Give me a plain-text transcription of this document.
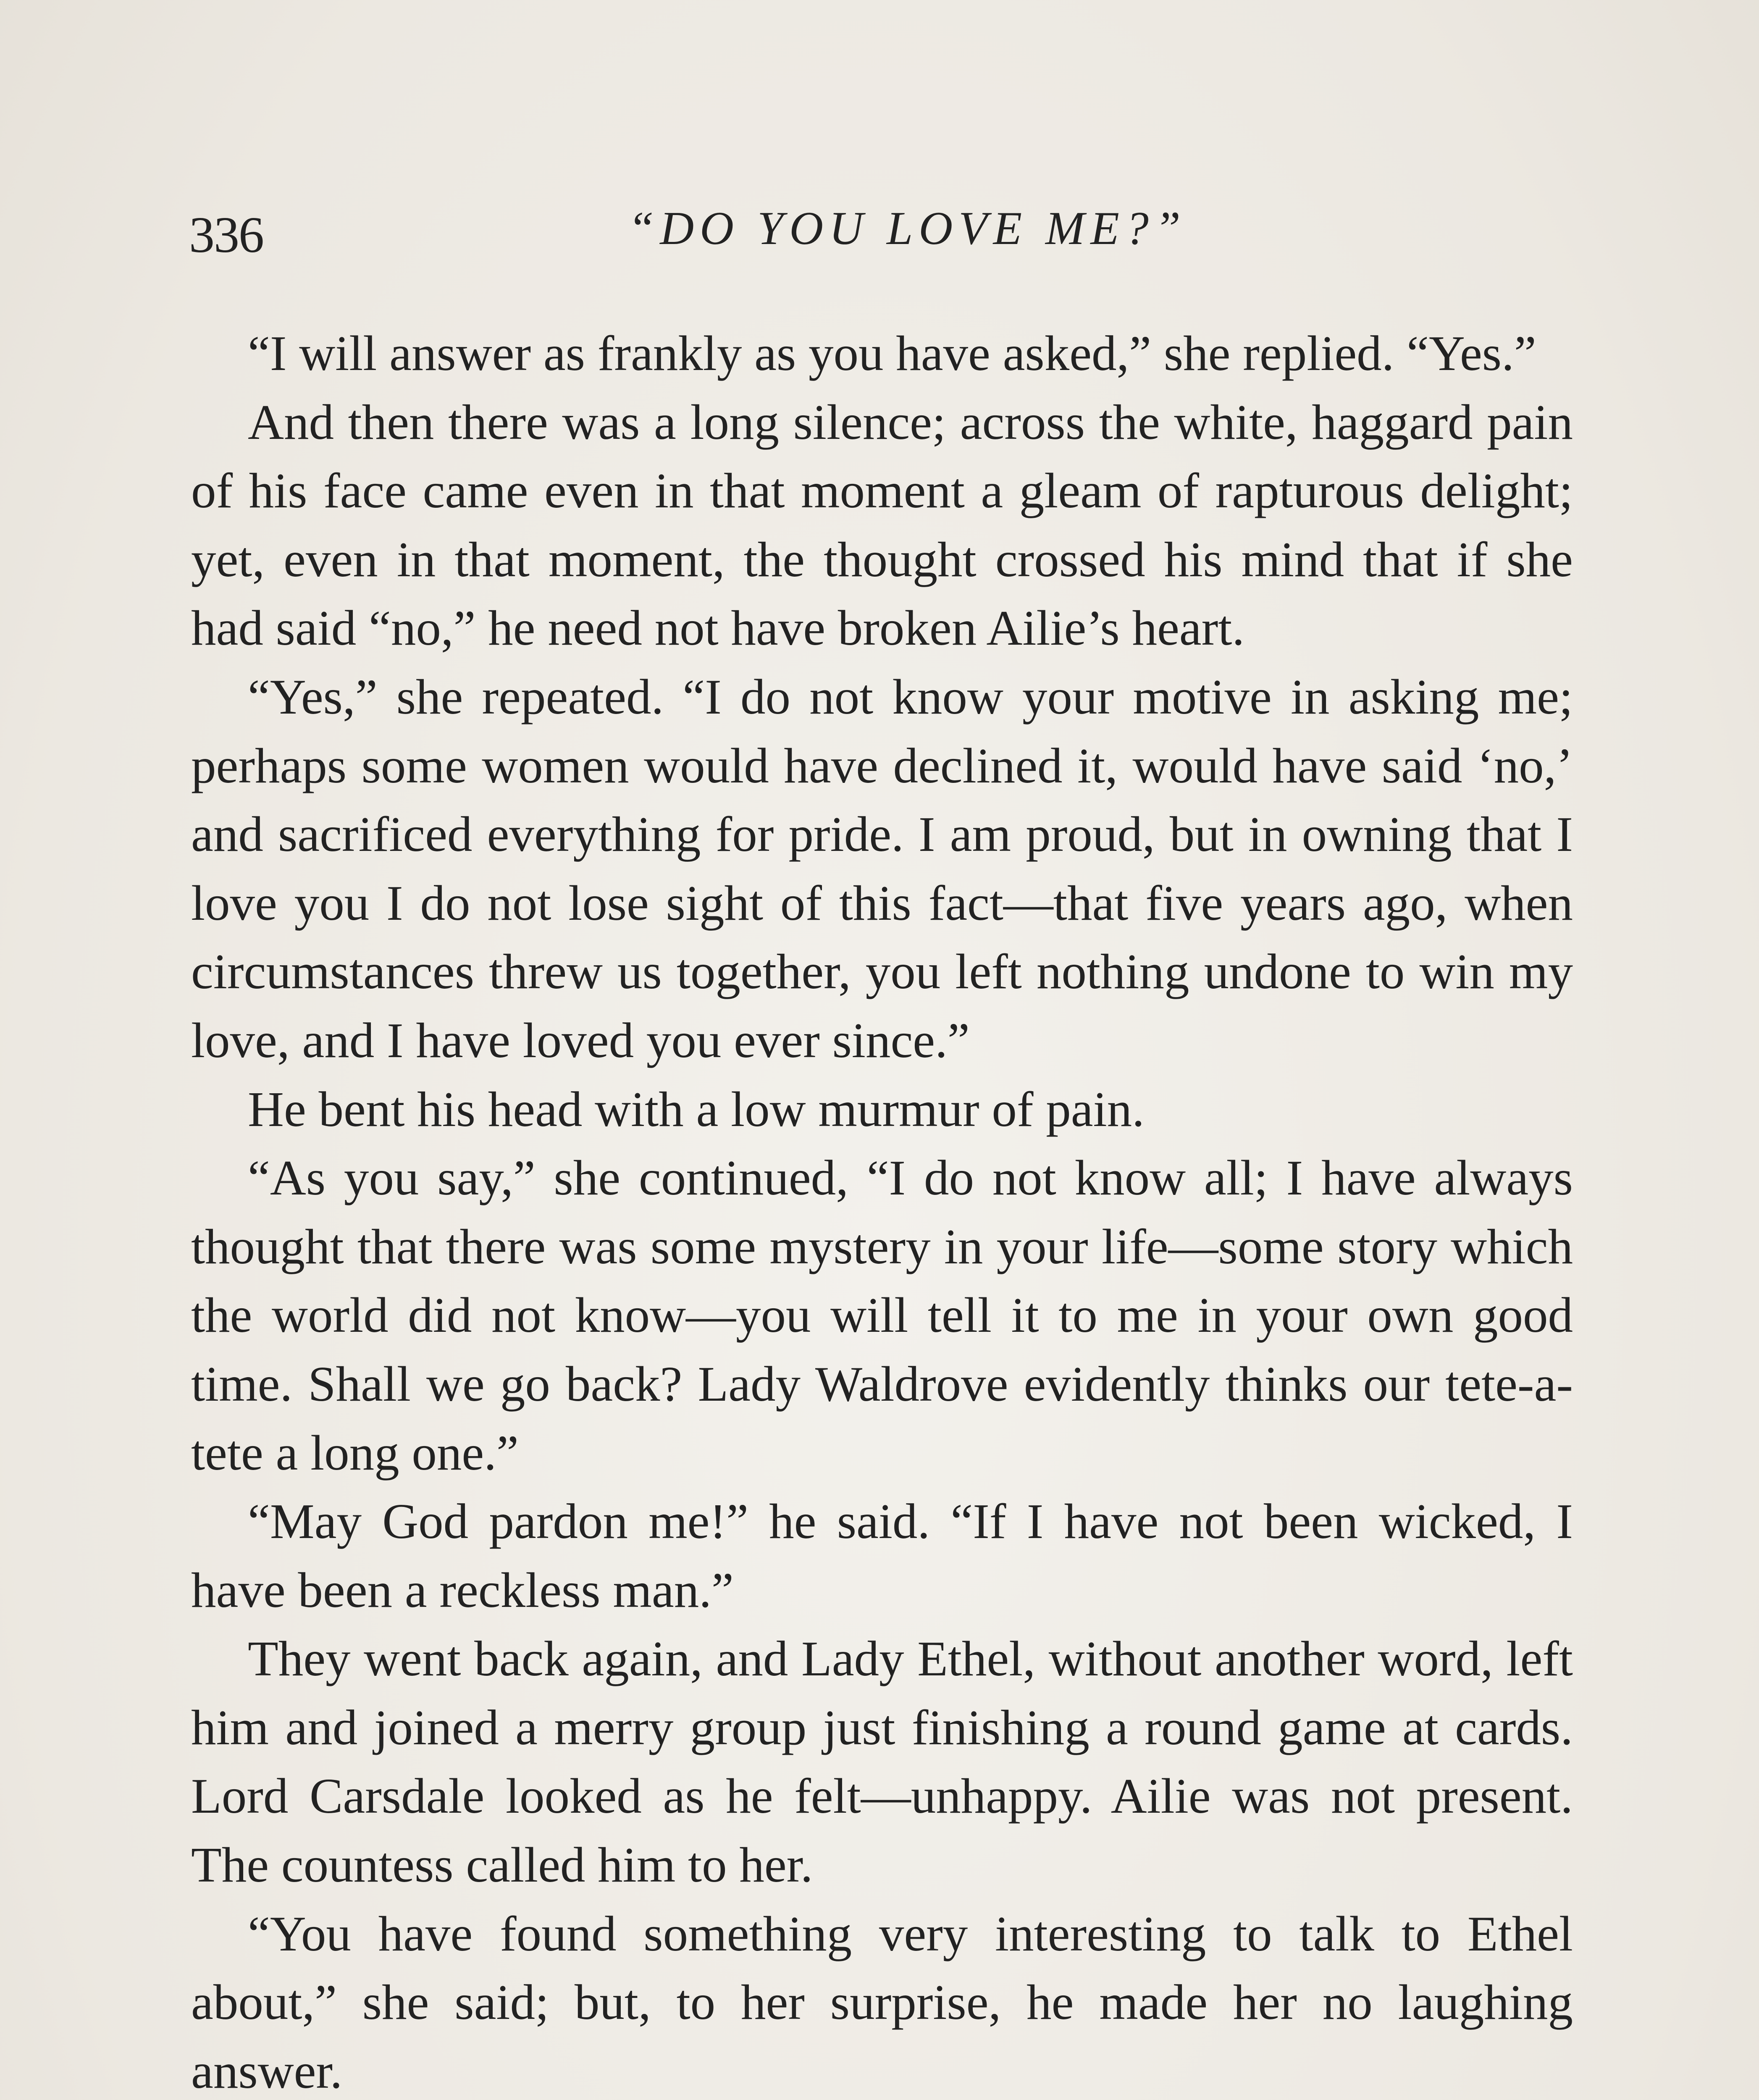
336	“DO YOU LOVE ME?”

“I will answer as frankly as you have asked,” she replied. “Yes.”

And then there was a long silence; across the white, haggard pain of his face came even in that moment a gleam of rapturous delight; yet, even in that moment, the thought crossed his mind that if she had said “no,” he need not have broken Ailie’s heart.

“Yes,” she repeated. “I do not know your motive in asking me; perhaps some women would have declined it, would have said ‘no,’ and sacrificed everything for pride. I am proud, but in owning that I love you I do not lose sight of this fact—that five years ago, when circumstances threw us together, you left nothing undone to win my love, and I have loved you ever since.”

He bent his head with a low murmur of pain.

“As you say,” she continued, “I do not know all; I have always thought that there was some mystery in your life—some story which the world did not know—you will tell it to me in your own good time. Shall we go back? Lady Waldrove evidently thinks our tete-a-tete a long one.”

“May God pardon me!” he said. “If I have not been wicked, I have been a reckless man.”

They went back again, and Lady Ethel, without another word, left him and joined a merry group just finishing a round game at cards. Lord Carsdale looked as he felt—unhappy. Ailie was not present. The countess called him to her.

“You have found something very interesting to talk to Ethel about,” she said; but, to her surprise, he made her no laughing answer.
